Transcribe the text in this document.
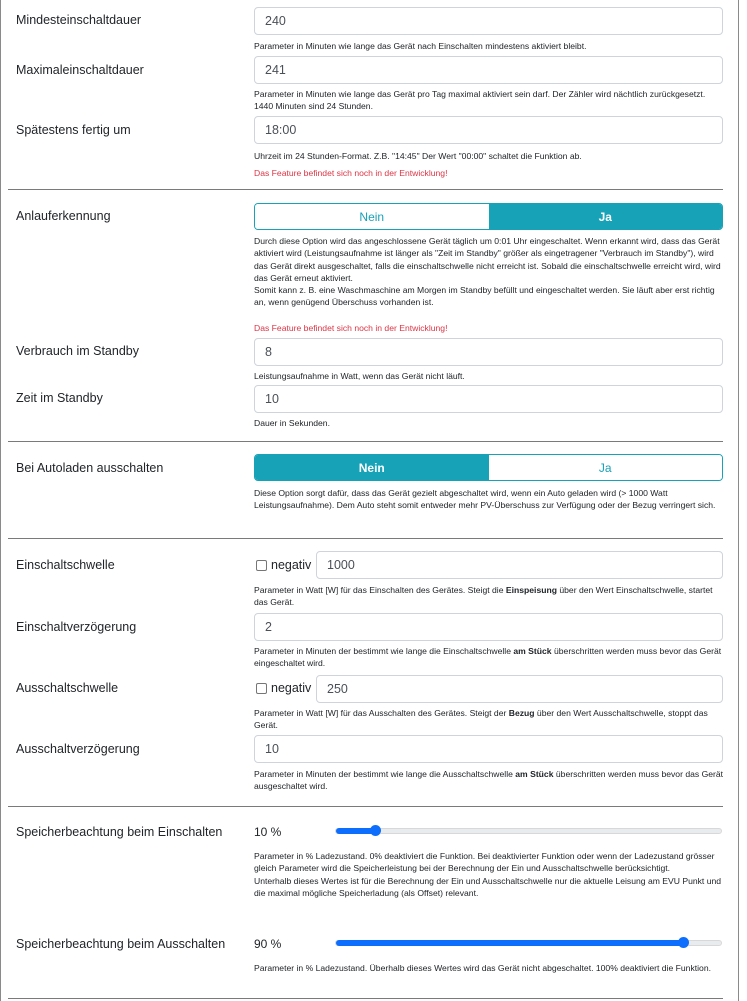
Mindesteinschaltdauer	240
Parameter in Minuten wie lange das Gerät nach Einschalten mindestens aktiviert bleibt.
Maximaleinschaltdauer	241
Parameter in Minuten wie lange das Gerät pro Tag maximal aktiviert sein darf. Der Zähler wird nächtlich zurückgesetzt. 1440 Minuten sind 24 Stunden.
Spätestens fertig um	18:00
Uhrzeit im 24 Stunden-Format. Z.B. "14:45" Der Wert "00:00" schaltet die Funktion ab.
Das Feature befindet sich noch in der Entwicklung!
Anlauferkennung	Nein	Ja
Durch diese Option wird das angeschlossene Gerät täglich um 0:01 Uhr eingeschaltet. Wenn erkannt wird, dass das Gerät aktiviert wird (Leistungsaufnahme ist länger als "Zeit im Standby" größer als eingetragener "Verbrauch im Standby"), wird das Gerät direkt ausgeschaltet, falls die einschaltschwelle nicht erreicht ist. Sobald die einschaltschwelle erreicht wird, wird das Gerät erneut aktiviert.
Somit kann z. B. eine Waschmaschine am Morgen im Standby befüllt und eingeschaltet werden. Sie läuft aber erst richtig an, wenn genügend Überschuss vorhanden ist.
Das Feature befindet sich noch in der Entwicklung!
Verbrauch im Standby	8
Leistungsaufnahme in Watt, wenn das Gerät nicht läuft.
Zeit im Standby	10
Dauer in Sekunden.
Bei Autoladen ausschalten	Nein	Ja
Diese Option sorgt dafür, dass das Gerät gezielt abgeschaltet wird, wenn ein Auto geladen wird (> 1000 Watt Leistungsaufnahme). Dem Auto steht somit entweder mehr PV-Überschuss zur Verfügung oder der Bezug verringert sich.
Einschaltschwelle	negativ	1000
Parameter in Watt [W] für das Einschalten des Gerätes. Steigt die Einspeisung über den Wert Einschaltschwelle, startet das Gerät.
Einschaltverzögerung	2
Parameter in Minuten der bestimmt wie lange die Einschaltschwelle am Stück überschritten werden muss bevor das Gerät eingeschaltet wird.
Ausschaltschwelle	negativ	250
Parameter in Watt [W] für das Ausschalten des Gerätes. Steigt der Bezug über den Wert Ausschaltschwelle, stoppt das Gerät.
Ausschaltverzögerung	10
Parameter in Minuten der bestimmt wie lange die Ausschaltschwelle am Stück überschritten werden muss bevor das Gerät ausgeschaltet wird.
Speicherbeachtung beim Einschalten	10 %
Parameter in % Ladezustand. 0% deaktiviert die Funktion. Bei deaktivierter Funktion oder wenn der Ladezustand grösser gleich Parameter wird die Speicherleistung bei der Berechnung der Ein und Ausschaltschwelle berücksichtigt.
Unterhalb dieses Wertes ist für die Berechnung der Ein und Ausschaltschwelle nur die aktuelle Leisung am EVU Punkt und die maximal mögliche Speicherladung (als Offset) relevant.
Speicherbeachtung beim Ausschalten 90 %
Parameter in % Ladezustand. Überhalb dieses Wertes wird das Gerät nicht abgeschaltet. 100% deaktiviert die Funktion.
